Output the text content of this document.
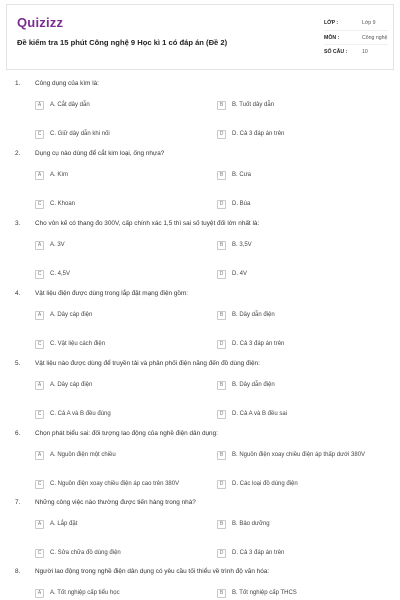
Quizizz
Đề kiểm tra 15 phút Công nghệ 9 Học kì 1 có đáp án (Đề 2)
LỚP :	Lớp 9
MÔN :	Công nghệ
SỐ CÂU :	10
1. Công dụng của kìm là:
A	A. Cắt dây dẫn	B	B. Tuốt dây dẫn
C	C. Giữ dây dẫn khi nối	D	D. Cả 3 đáp án trên
2. Dụng cụ nào dùng để cắt kim loại, ống nhựa?
A	A. Kìm	B	B. Cưa
C	C. Khoan	D	D. Búa
3. Cho vôn kế có thang đo 300V, cấp chính xác 1,5 thì sai số tuyệt đối lớn nhất là:
A	A. 3V	B	B. 3,5V
C	C. 4,5V	D	D. 4V
4. Vật liệu điện được dùng trong lắp đặt mạng điện gồm:
A	A. Dây cáp điện	B	B. Dây dẫn điện
C	C. Vật liệu cách điện	D	D. Cả 3 đáp án trên
5. Vật liệu nào được dùng để truyền tải và phân phối điện năng đến đồ dùng điện:
A	A. Dây cáp điện	B	B. Dây dẫn điện
C	C. Cả A và B đều đúng	D	D. Cả A và B đều sai
6. Chọn phát biểu sai: đối tượng lao động của nghề điện dân dụng:
A	A. Nguồn điện một chiều	B	B. Nguồn điện xoay chiều điện áp thấp dưới 380V
C	C. Nguồn điện xoay chiều điện áp cao trên 380V	D	D. Các loại đồ dùng điện
7. Những công việc nào thường được tiến hàng trong nhà?
A	A. Lắp đặt	B	B. Bảo dưỡng
C	C. Sửa chữa đồ dùng điện	D	D. Cả 3 đáp án trên
8. Người lao động trong nghề điện dân dụng có yêu cầu tối thiểu về trình độ văn hóa:
A	A. Tốt nghiệp cấp tiểu học	B	B. Tốt nghiệp cấp THCS
